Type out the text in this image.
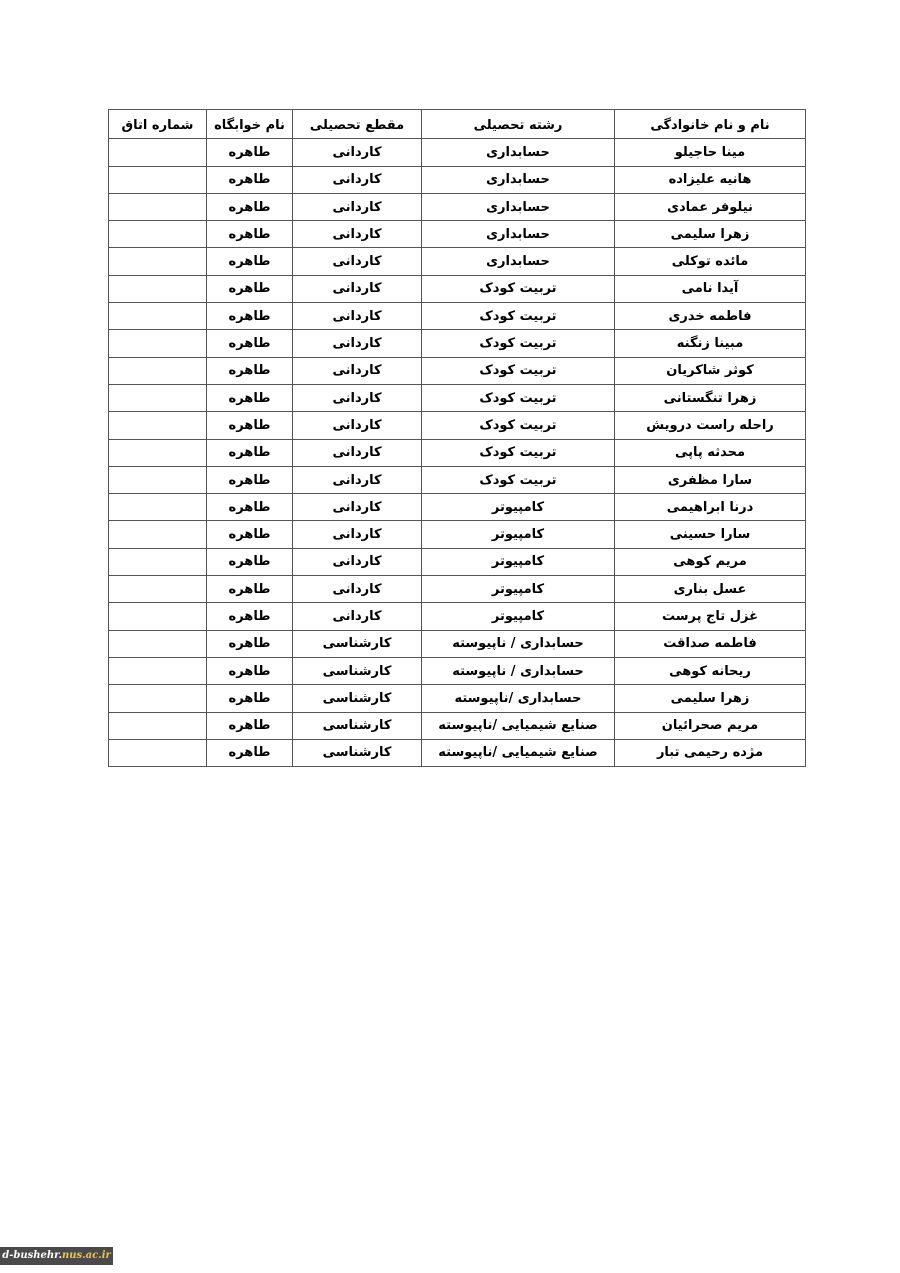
نام و نام خانوادگی	رشته تحصیلی	مقطع تحصیلی	نام خوابگاه	شماره اتاق
مینا حاجیلو	حسابداری	کاردانی	طاهره	
هانیه علیزاده	حسابداری	کاردانی	طاهره	
نیلوفر عمادی	حسابداری	کاردانی	طاهره	
زهرا سلیمی	حسابداری	کاردانی	طاهره	
مائده توکلی	حسابداری	کاردانی	طاهره	
آیدا نامی	تربیت کودک	کاردانی	طاهره	
فاطمه خدری	تربیت کودک	کاردانی	طاهره	
مبینا زنگنه	تربیت کودک	کاردانی	طاهره	
کوثر شاکریان	تربیت کودک	کاردانی	طاهره	
زهرا تنگستانی	تربیت کودک	کاردانی	طاهره	
راحله راست درویش	تربیت کودک	کاردانی	طاهره	
محدثه پاپی	تربیت کودک	کاردانی	طاهره	
سارا مظفری	تربیت کودک	کاردانی	طاهره	
درنا ابراهیمی	کامپیوتر	کاردانی	طاهره	
سارا حسینی	کامپیوتر	کاردانی	طاهره	
مریم کوهی	کامپیوتر	کاردانی	طاهره	
عسل بناری	کامپیوتر	کاردانی	طاهره	
غزل تاج پرست	کامپیوتر	کاردانی	طاهره	
فاطمه صداقت	حسابداری / ناپیوسته	کارشناسی	طاهره	
ریحانه کوهی	حسابداری / ناپیوسته	کارشناسی	طاهره	
زهرا سلیمی	حسابداری /ناپیوسته	کارشناسی	طاهره	
مریم صحرائیان	صنایع شیمیایی /ناپیوسته	کارشناسی	طاهره	
مژده رحیمی تبار	صنایع شیمیایی /ناپیوسته	کارشناسی	طاهره	
d-bushehr.nus.ac.ir
